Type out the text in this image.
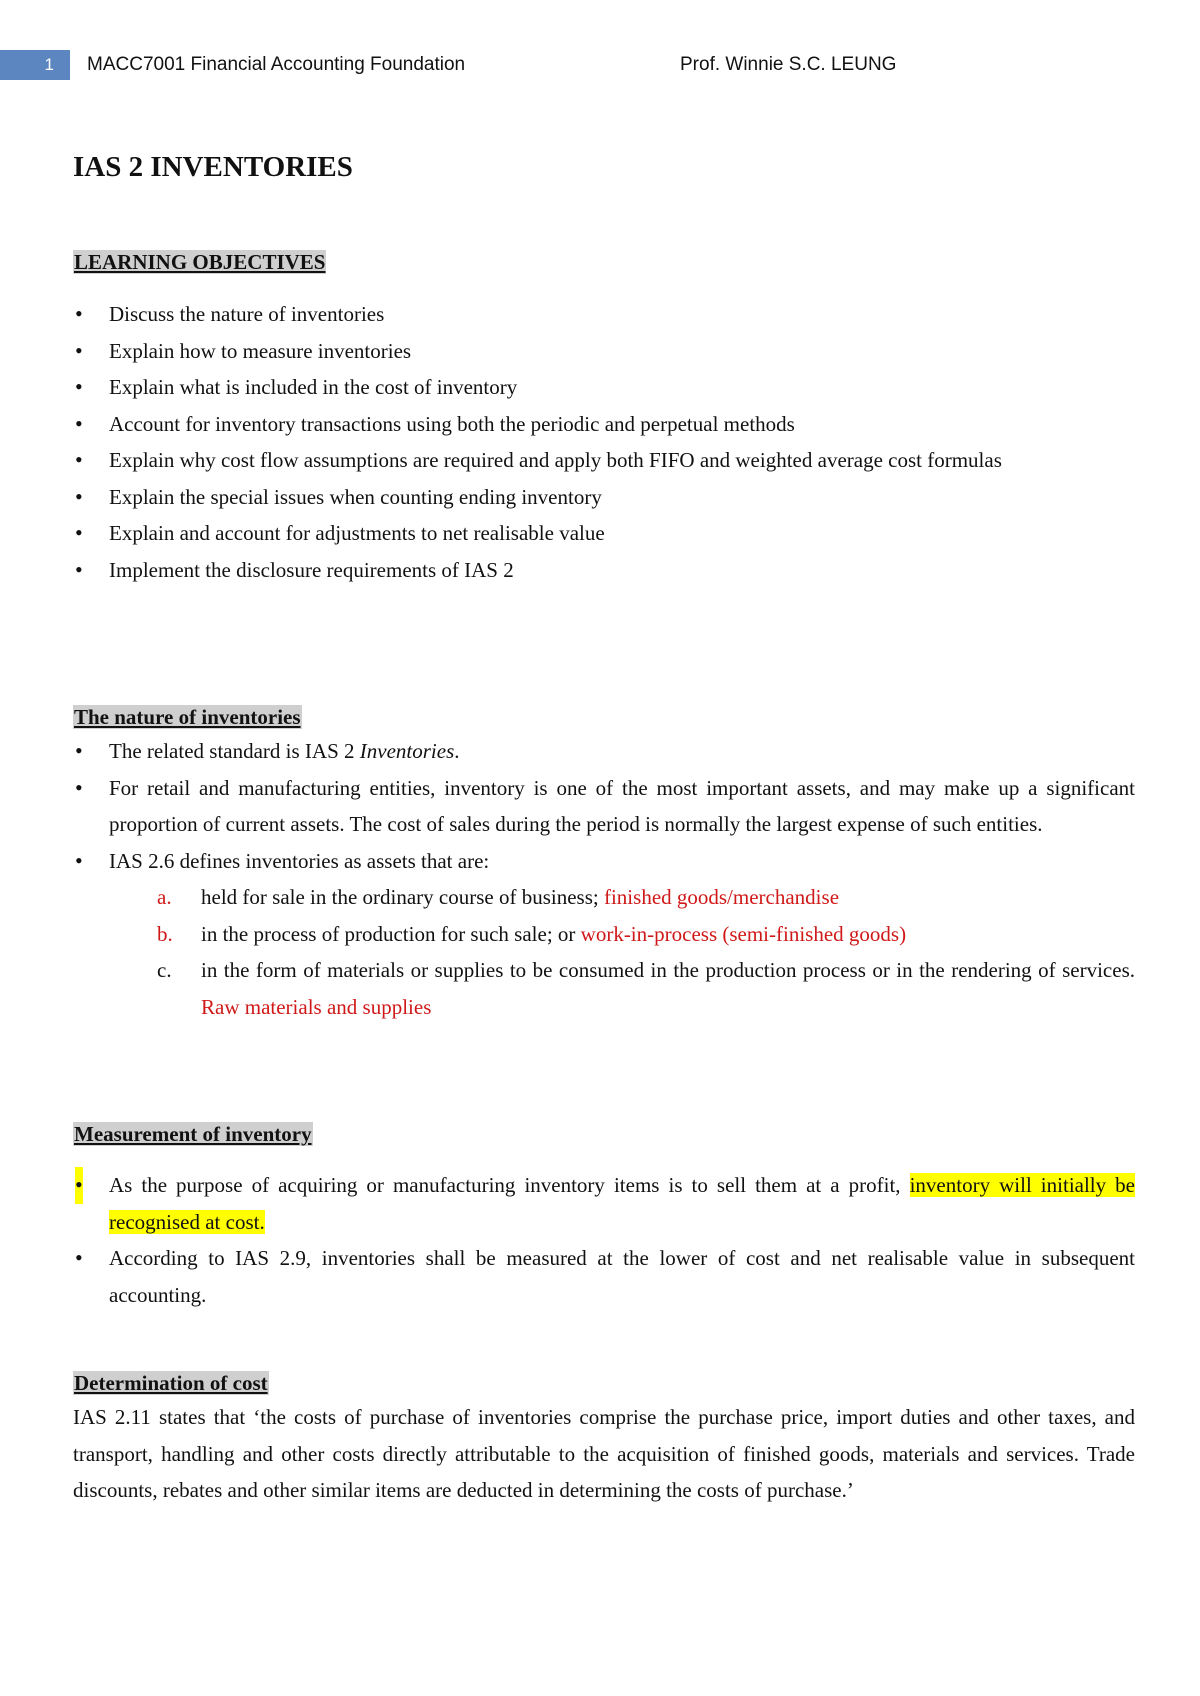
1	MACC7001 Financial Accounting Foundation	Prof. Winnie S.C. LEUNG
IAS 2 INVENTORIES
LEARNING OBJECTIVES
• Discuss the nature of inventories
• Explain how to measure inventories
• Explain what is included in the cost of inventory
• Account for inventory transactions using both the periodic and perpetual methods
• Explain why cost flow assumptions are required and apply both FIFO and weighted average cost formulas
• Explain the special issues when counting ending inventory
• Explain and account for adjustments to net realisable value
• Implement the disclosure requirements of IAS 2
The nature of inventories
• The related standard is IAS 2 Inventories.
• For retail and manufacturing entities, inventory is one of the most important assets, and may make up a significant proportion of current assets. The cost of sales during the period is normally the largest expense of such entities.
• IAS 2.6 defines inventories as assets that are:
a. held for sale in the ordinary course of business; finished goods/merchandise
b. in the process of production for such sale; or work-in-process (semi-finished goods)
c. in the form of materials or supplies to be consumed in the production process or in the rendering of services. Raw materials and supplies
Measurement of inventory
• As the purpose of acquiring or manufacturing inventory items is to sell them at a profit, inventory will initially be recognised at cost.
• According to IAS 2.9, inventories shall be measured at the lower of cost and net realisable value in subsequent accounting.
Determination of cost
IAS 2.11 states that ‘the costs of purchase of inventories comprise the purchase price, import duties and other taxes, and transport, handling and other costs directly attributable to the acquisition of finished goods, materials and services. Trade discounts, rebates and other similar items are deducted in determining the costs of purchase.’
